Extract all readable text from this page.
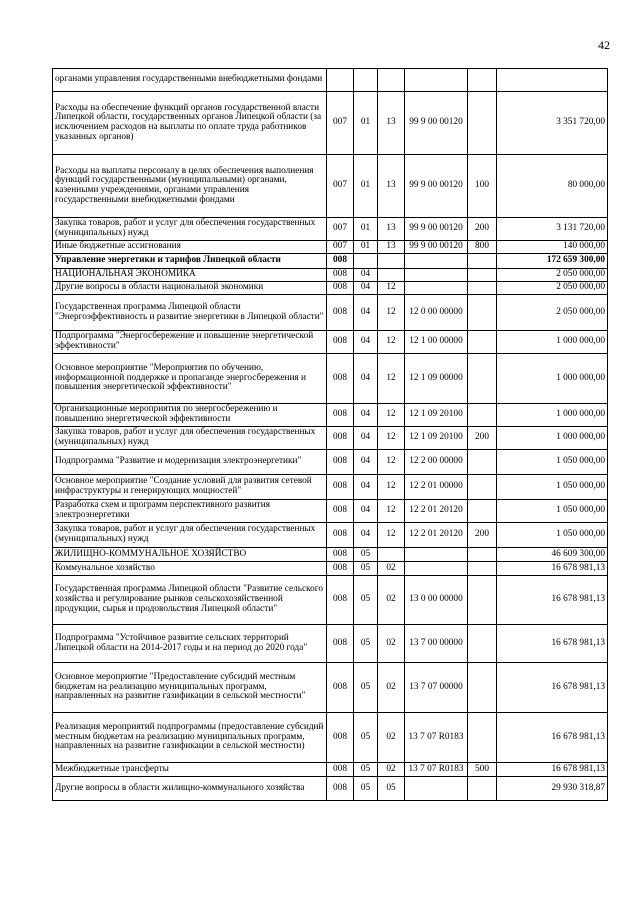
42
органами управления государственными внебюджетными фондами						
Расходы на обеспечение функций органов государственной власти Липецкой области, государственных органов Липецкой области (за исключением расходов на выплаты по оплате труда работников указанных органов)	007	01	13	99 9 00 00120		3 351 720,00
Расходы на выплаты персоналу в целях обеспечения выполнения функций государственными (муниципальными) органами, казенными учреждениями, органами управления государственными внебюджетными фондами	007	01	13	99 9 00 00120	100	80 000,00
Закупка товаров, работ и услуг для обеспечения государственных (муниципальных) нужд	007	01	13	99 9 00 00120	200	3 131 720,00
Иные бюджетные ассигнования	007	01	13	99 9 00 00120	800	140 000,00
Управление энергетики и тарифов Липецкой области	008					172 659 300,00
НАЦИОНАЛЬНАЯ ЭКОНОМИКА	008	04				2 050 000,00
Другие вопросы в области национальной экономики	008	04	12			2 050 000,00
Государственная программа Липецкой области "Энергоэффективность и развитие энергетики в Липецкой области"	008	04	12	12 0 00 00000		2 050 000,00
Подпрограмма "Энергосбережение и повышение энергетической эффективности"	008	04	12	12 1 00 00000		1 000 000,00
Основное мероприятие "Мероприятия по обучению, информационной поддержке и пропаганде энергосбережения и повышения энергетической эффективности"	008	04	12	12 1 09 00000		1 000 000,00
Организационные мероприятия по энергосбережению и повышению энергетической эффективности	008	04	12	12 1 09 20100		1 000 000,00
Закупка товаров, работ и услуг для обеспечения государственных (муниципальных) нужд	008	04	12	12 1 09 20100	200	1 000 000,00
Подпрограмма "Развитие и модернизация электроэнергетики"	008	04	12	12 2 00 00000		1 050 000,00
Основное мероприятие "Создание условий для развития сетевой инфраструктуры и генерирующих мощностей"	008	04	12	12 2 01 00000		1 050 000,00
Разработка схем и программ перспективного развития электроэнергетики	008	04	12	12 2 01 20120		1 050 000,00
Закупка товаров, работ и услуг для обеспечения государственных (муниципальных) нужд	008	04	12	12 2 01 20120	200	1 050 000,00
ЖИЛИЩНО-КОММУНАЛЬНОЕ ХОЗЯЙСТВО	008	05				46 609 300,00
Коммунальное хозяйство	008	05	02			16 678 981,13
Государственная программа Липецкой области "Развитие сельского хозяйства и регулирование рынков сельскохозяйственной продукции, сырья и продовольствия Липецкой области"	008	05	02	13 0 00 00000		16 678 981,13
Подпрограмма "Устойчивое развитие сельских территорий Липецкой области на 2014-2017 годы и на период до 2020 года"	008	05	02	13 7 00 00000		16 678 981,13
Основное мероприятие "Предоставление субсидий местным бюджетам на реализацию муниципальных программ, направленных на развитие газификации в сельской местности"	008	05	02	13 7 07 00000		16 678 981,13
Реализация мероприятий подпрограммы (предоставление субсидий местным бюджетам на реализацию муниципальных программ, направленных на развитие газификации в сельской местности)	008	05	02	13 7 07 R0183		16 678 981,13
Межбюджетные трансферты	008	05	02	13 7 07 R0183	500	16 678 981,13
Другие вопросы в области жилищно-коммунального хозяйства	008	05	05			29 930 318,87
